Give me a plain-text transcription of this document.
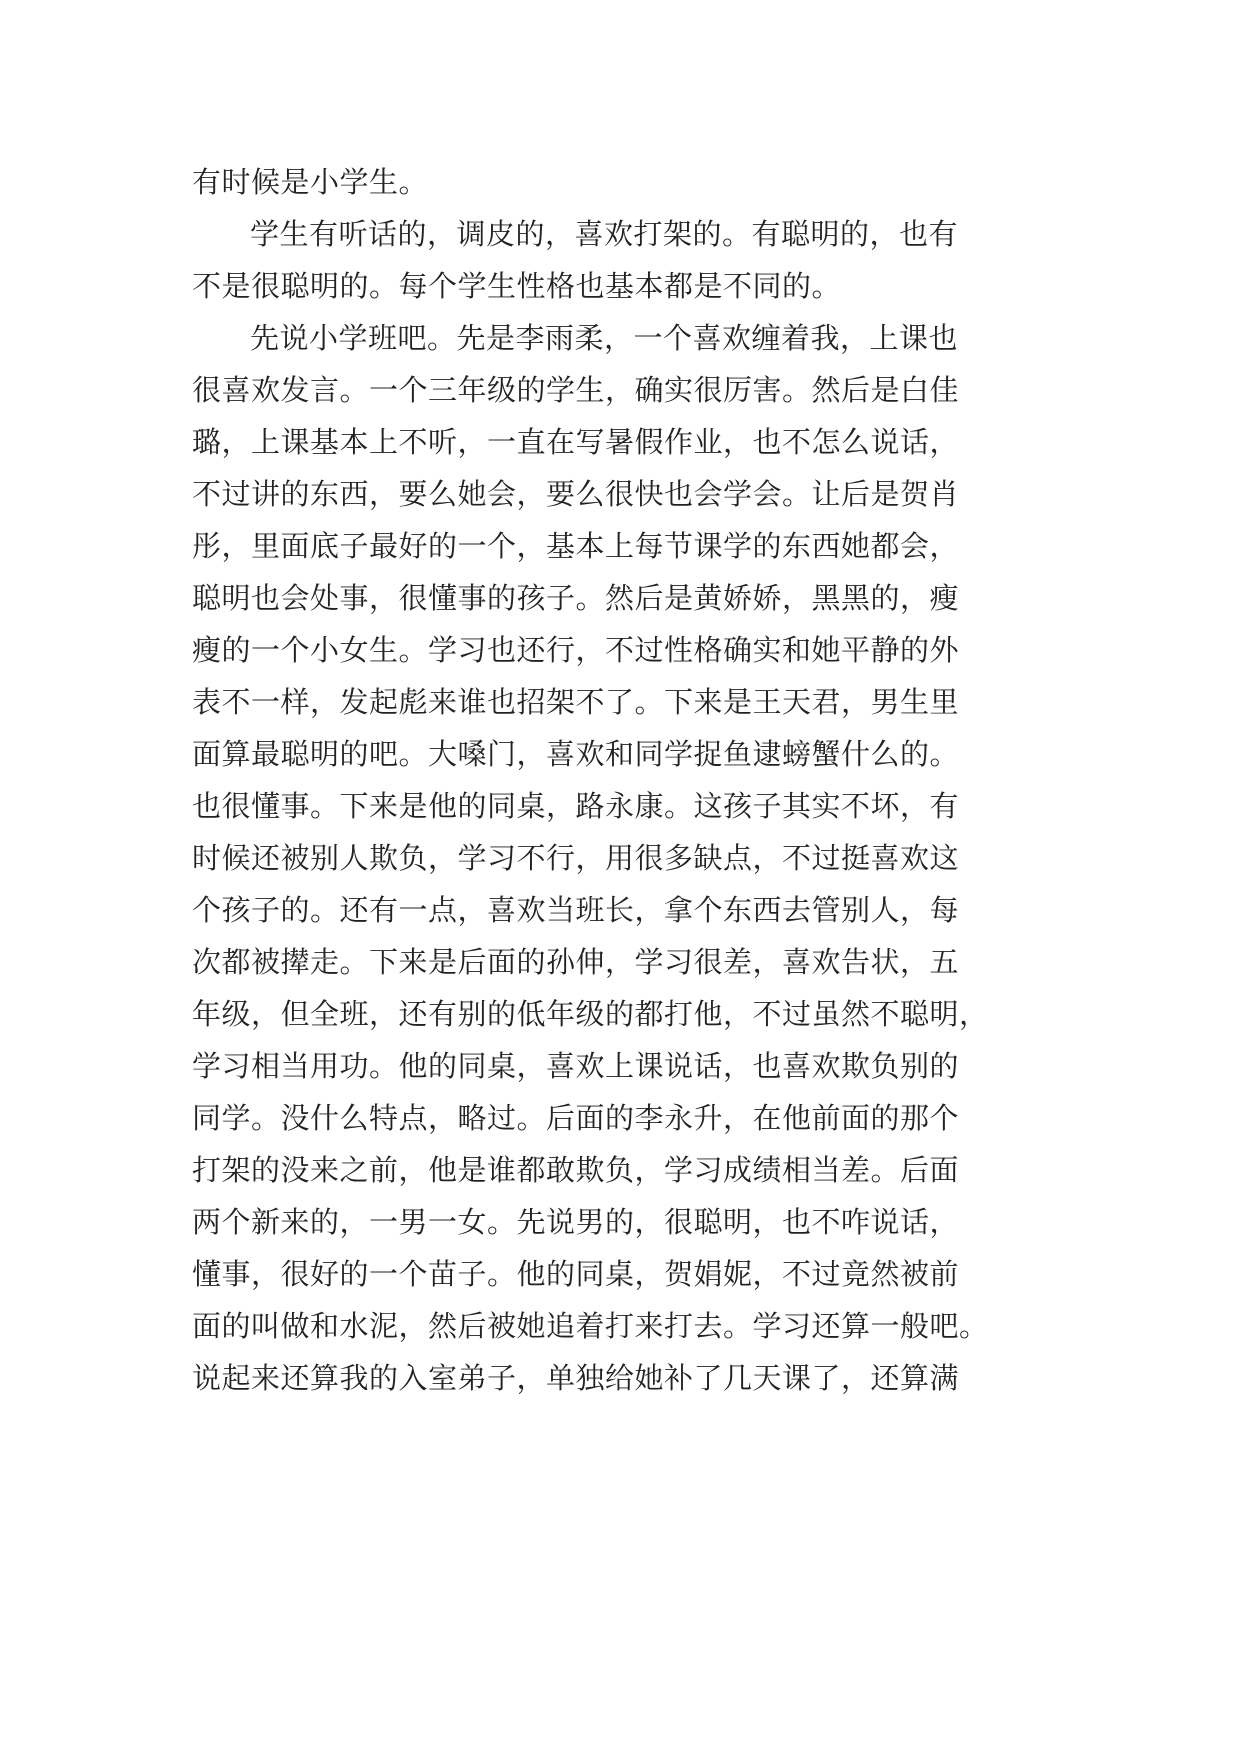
有时候是小学生。
学生有听话的，调皮的，喜欢打架的。有聪明的，也有
不是很聪明的。每个学生性格也基本都是不同的。
先说小学班吧。先是李雨柔，一个喜欢缠着我，上课也
很喜欢发言。一个三年级的学生，确实很厉害。然后是白佳
璐，上课基本上不听，一直在写暑假作业，也不怎么说话，
不过讲的东西，要么她会，要么很快也会学会。让后是贺肖
彤，里面底子最好的一个，基本上每节课学的东西她都会，
聪明也会处事，很懂事的孩子。然后是黄娇娇，黑黑的，瘦
瘦的一个小女生。学习也还行，不过性格确实和她平静的外
表不一样，发起彪来谁也招架不了。下来是王天君，男生里
面算最聪明的吧。大嗓门，喜欢和同学捉鱼逮螃蟹什么的。
也很懂事。下来是他的同桌，路永康。这孩子其实不坏，有
时候还被别人欺负，学习不行，用很多缺点，不过挺喜欢这
个孩子的。还有一点，喜欢当班长，拿个东西去管别人，每
次都被撵走。下来是后面的孙伸，学习很差，喜欢告状，五
年级，但全班，还有别的低年级的都打他，不过虽然不聪明，
学习相当用功。他的同桌，喜欢上课说话，也喜欢欺负别的
同学。没什么特点，略过。后面的李永升，在他前面的那个
打架的没来之前，他是谁都敢欺负，学习成绩相当差。后面
两个新来的，一男一女。先说男的，很聪明，也不咋说话，
懂事，很好的一个苗子。他的同桌，贺娟妮，不过竟然被前
面的叫做和水泥，然后被她追着打来打去。学习还算一般吧。
说起来还算我的入室弟子，单独给她补了几天课了，还算满
